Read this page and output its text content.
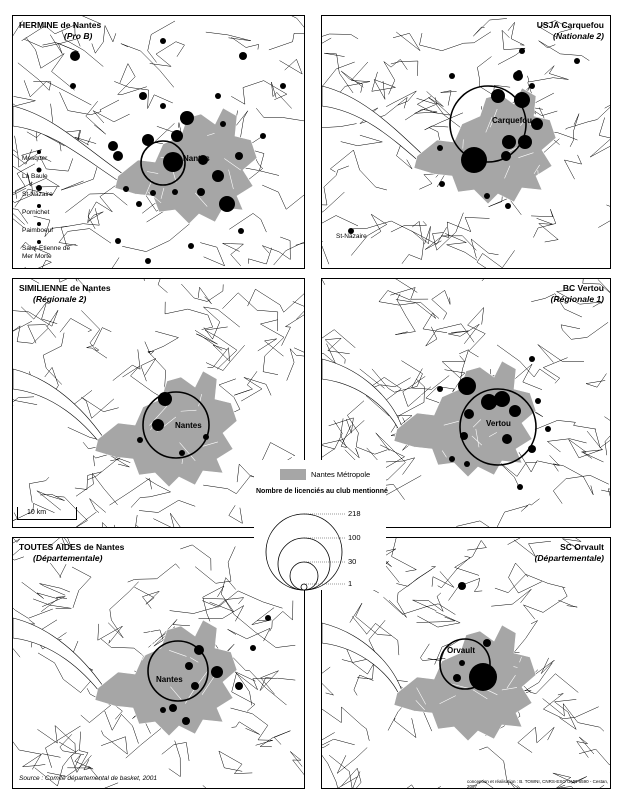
HERMINE de Nantes
(Pro B)
Nantes
Mesquer
La Baule
St-Nazaire
Pornichet
Paimboeuf
Saint-Etienne de Mer Morte
USJA Carquefou
(Nationale 2)
Carquefou
St-Nazaire
SIMILIENNE de Nantes
(Régionale 2)
Nantes
10 km
BC Vertou
(Régionale 1)
Vertou
TOUTES AIDES de Nantes
(Départementale)
Nantes
Source : Comité départemental de basket, 2001
SC Orvault
(Départementale)
Orvault
conception et réalisation : B. TOWNI, CNRS-ESO UMR 6590 - Cestan, 2007
Nantes Métropole
Nombre de licenciés au club mentionné
218
100
30
1
